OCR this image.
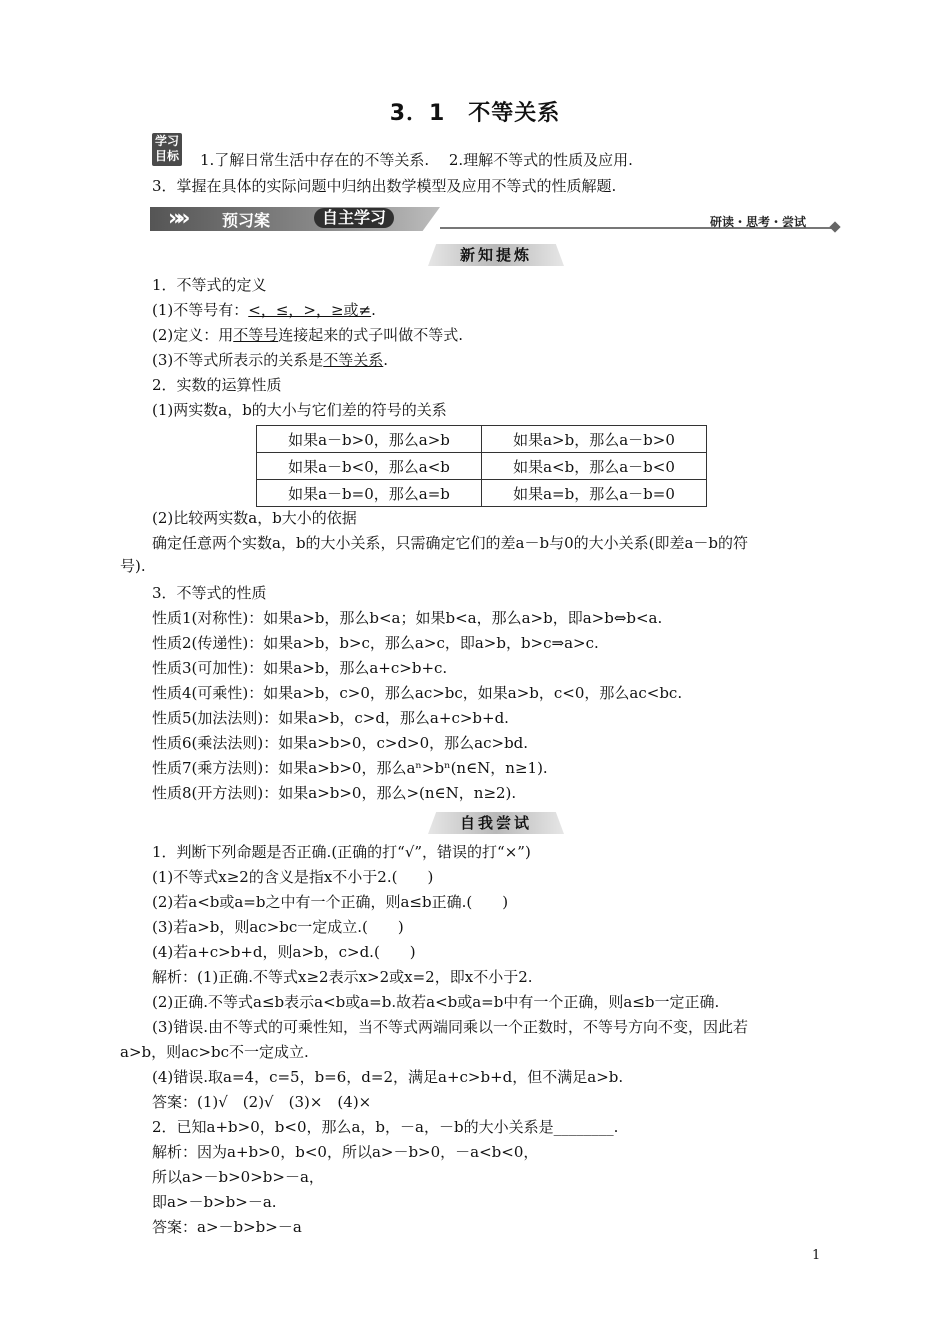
3．1　不等关系
学习
目标 1.了解日常生活中存在的不等关系.　 2.理解不等式的性质及应用.
3．掌握在具体的实际问题中归纳出数学模型及应用不等式的性质解题.
»» 预习案	自主学习	研读・思考・尝试
新知提炼
1．不等式的定义
(1)不等号有：<，≤，>，≥或≠.
(2)定义：用不等号连接起来的式子叫做不等式.
(3)不等式所表示的关系是不等关系.
2．实数的运算性质
(1)两实数a，b的大小与它们差的符号的关系
如果a－b>0，那么a>b	如果a>b，那么a－b>0
如果a－b<0，那么a<b	如果a<b，那么a－b<0
如果a－b=0，那么a=b	如果a=b，那么a－b=0
(2)比较两实数a，b大小的依据
确定任意两个实数a，b的大小关系，只需确定它们的差a－b与0的大小关系(即差a－b的符
号).
3．不等式的性质
性质1(对称性)：如果a>b，那么b<a；如果b<a，那么a>b，即a>b⇔b<a.
性质2(传递性)：如果a>b，b>c，那么a>c，即a>b，b>c⇒a>c.
性质3(可加性)：如果a>b，那么a+c>b+c.
性质4(可乘性)：如果a>b，c>0，那么ac>bc，如果a>b，c<0，那么ac<bc.
性质5(加法法则)：如果a>b，c>d，那么a+c>b+d.
性质6(乘法法则)：如果a>b>0，c>d>0，那么ac>bd.
性质7(乘方法则)：如果a>b>0，那么aⁿ>bⁿ(n∈N，n≥1).
性质8(开方法则)：如果a>b>0，那么>(n∈N，n≥2).
自我尝试
1．判断下列命题是否正确.(正确的打“√”，错误的打“×”)
(1)不等式x≥2的含义是指x不小于2.(　　)
(2)若a<b或a=b之中有一个正确，则a≤b正确.(　　)
(3)若a>b，则ac>bc一定成立.(　　)
(4)若a+c>b+d，则a>b，c>d.(　　)
解析：(1)正确.不等式x≥2表示x>2或x=2，即x不小于2.
(2)正确.不等式a≤b表示a<b或a=b.故若a<b或a=b中有一个正确，则a≤b一定正确.
(3)错误.由不等式的可乘性知，当不等式两端同乘以一个正数时，不等号方向不变，因此若
a>b，则ac>bc不一定成立.
(4)错误.取a=4，c=5，b=6，d=2，满足a+c>b+d，但不满足a>b.
答案：(1)√　(2)√　(3)×　(4)×
2．已知a+b>0，b<0，那么a，b，－a，－b的大小关系是________.
解析：因为a+b>0，b<0，所以a>－b>0，－a<b<0，
所以a>－b>0>b>－a，
即a>－b>b>－a.
答案：a>－b>b>－a
1
